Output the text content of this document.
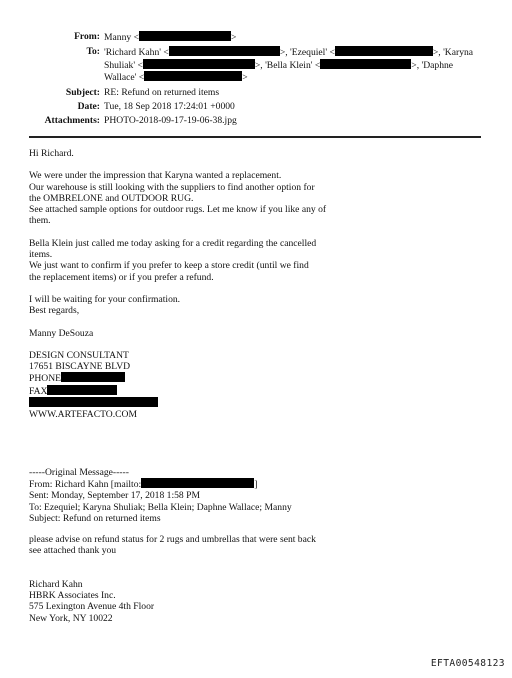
From: Manny <	>
To: 'Richard Kahn' <	>, 'Ezequiel' <	>, 'Karyna
Shuliak' <	>, 'Bella Klein' <	>, 'Daphne
Wallace' <	>
Subject: RE: Refund on returned items
Date: Tue, 18 Sep 2018 17:24:01 +0000
Attachments: PHOTO-2018-09-17-19-06-38.jpg

Hi Richard.

We were under the impression that Karyna wanted a replacement.

Our warehouse is still looking with the suppliers to find another option for

the OMBRELONE and OUTDOOR RUG.

See attached sample options for outdoor rugs. Let me know if you like any of

them.

Bella Klein just called me today asking for a credit regarding the cancelled

items.

We just want to confirm if you prefer to keep a store credit (until we find

the replacement items) or if you prefer a refund.

I will be waiting for your confirmation.

Best regards,

Manny DeSouza

DESIGN CONSULTANT

17651 BISCAYNE BLVD

PHONE

FAX

WWW.ARTEFACTO.COM

-----Original Message-----

From: Richard Kahn [mailto:	]

Sent: Monday, September 17, 2018 1:58 PM

To: Ezequiel; Karyna Shuliak; Bella Klein; Daphne Wallace; Manny

Subject: Refund on returned items

please advise on refund status for 2 rugs and umbrellas that were sent back

see attached thank you

Richard Kahn

HBRK Associates Inc.

575 Lexington Avenue 4th Floor

New York, NY 10022

EFTA00548123
